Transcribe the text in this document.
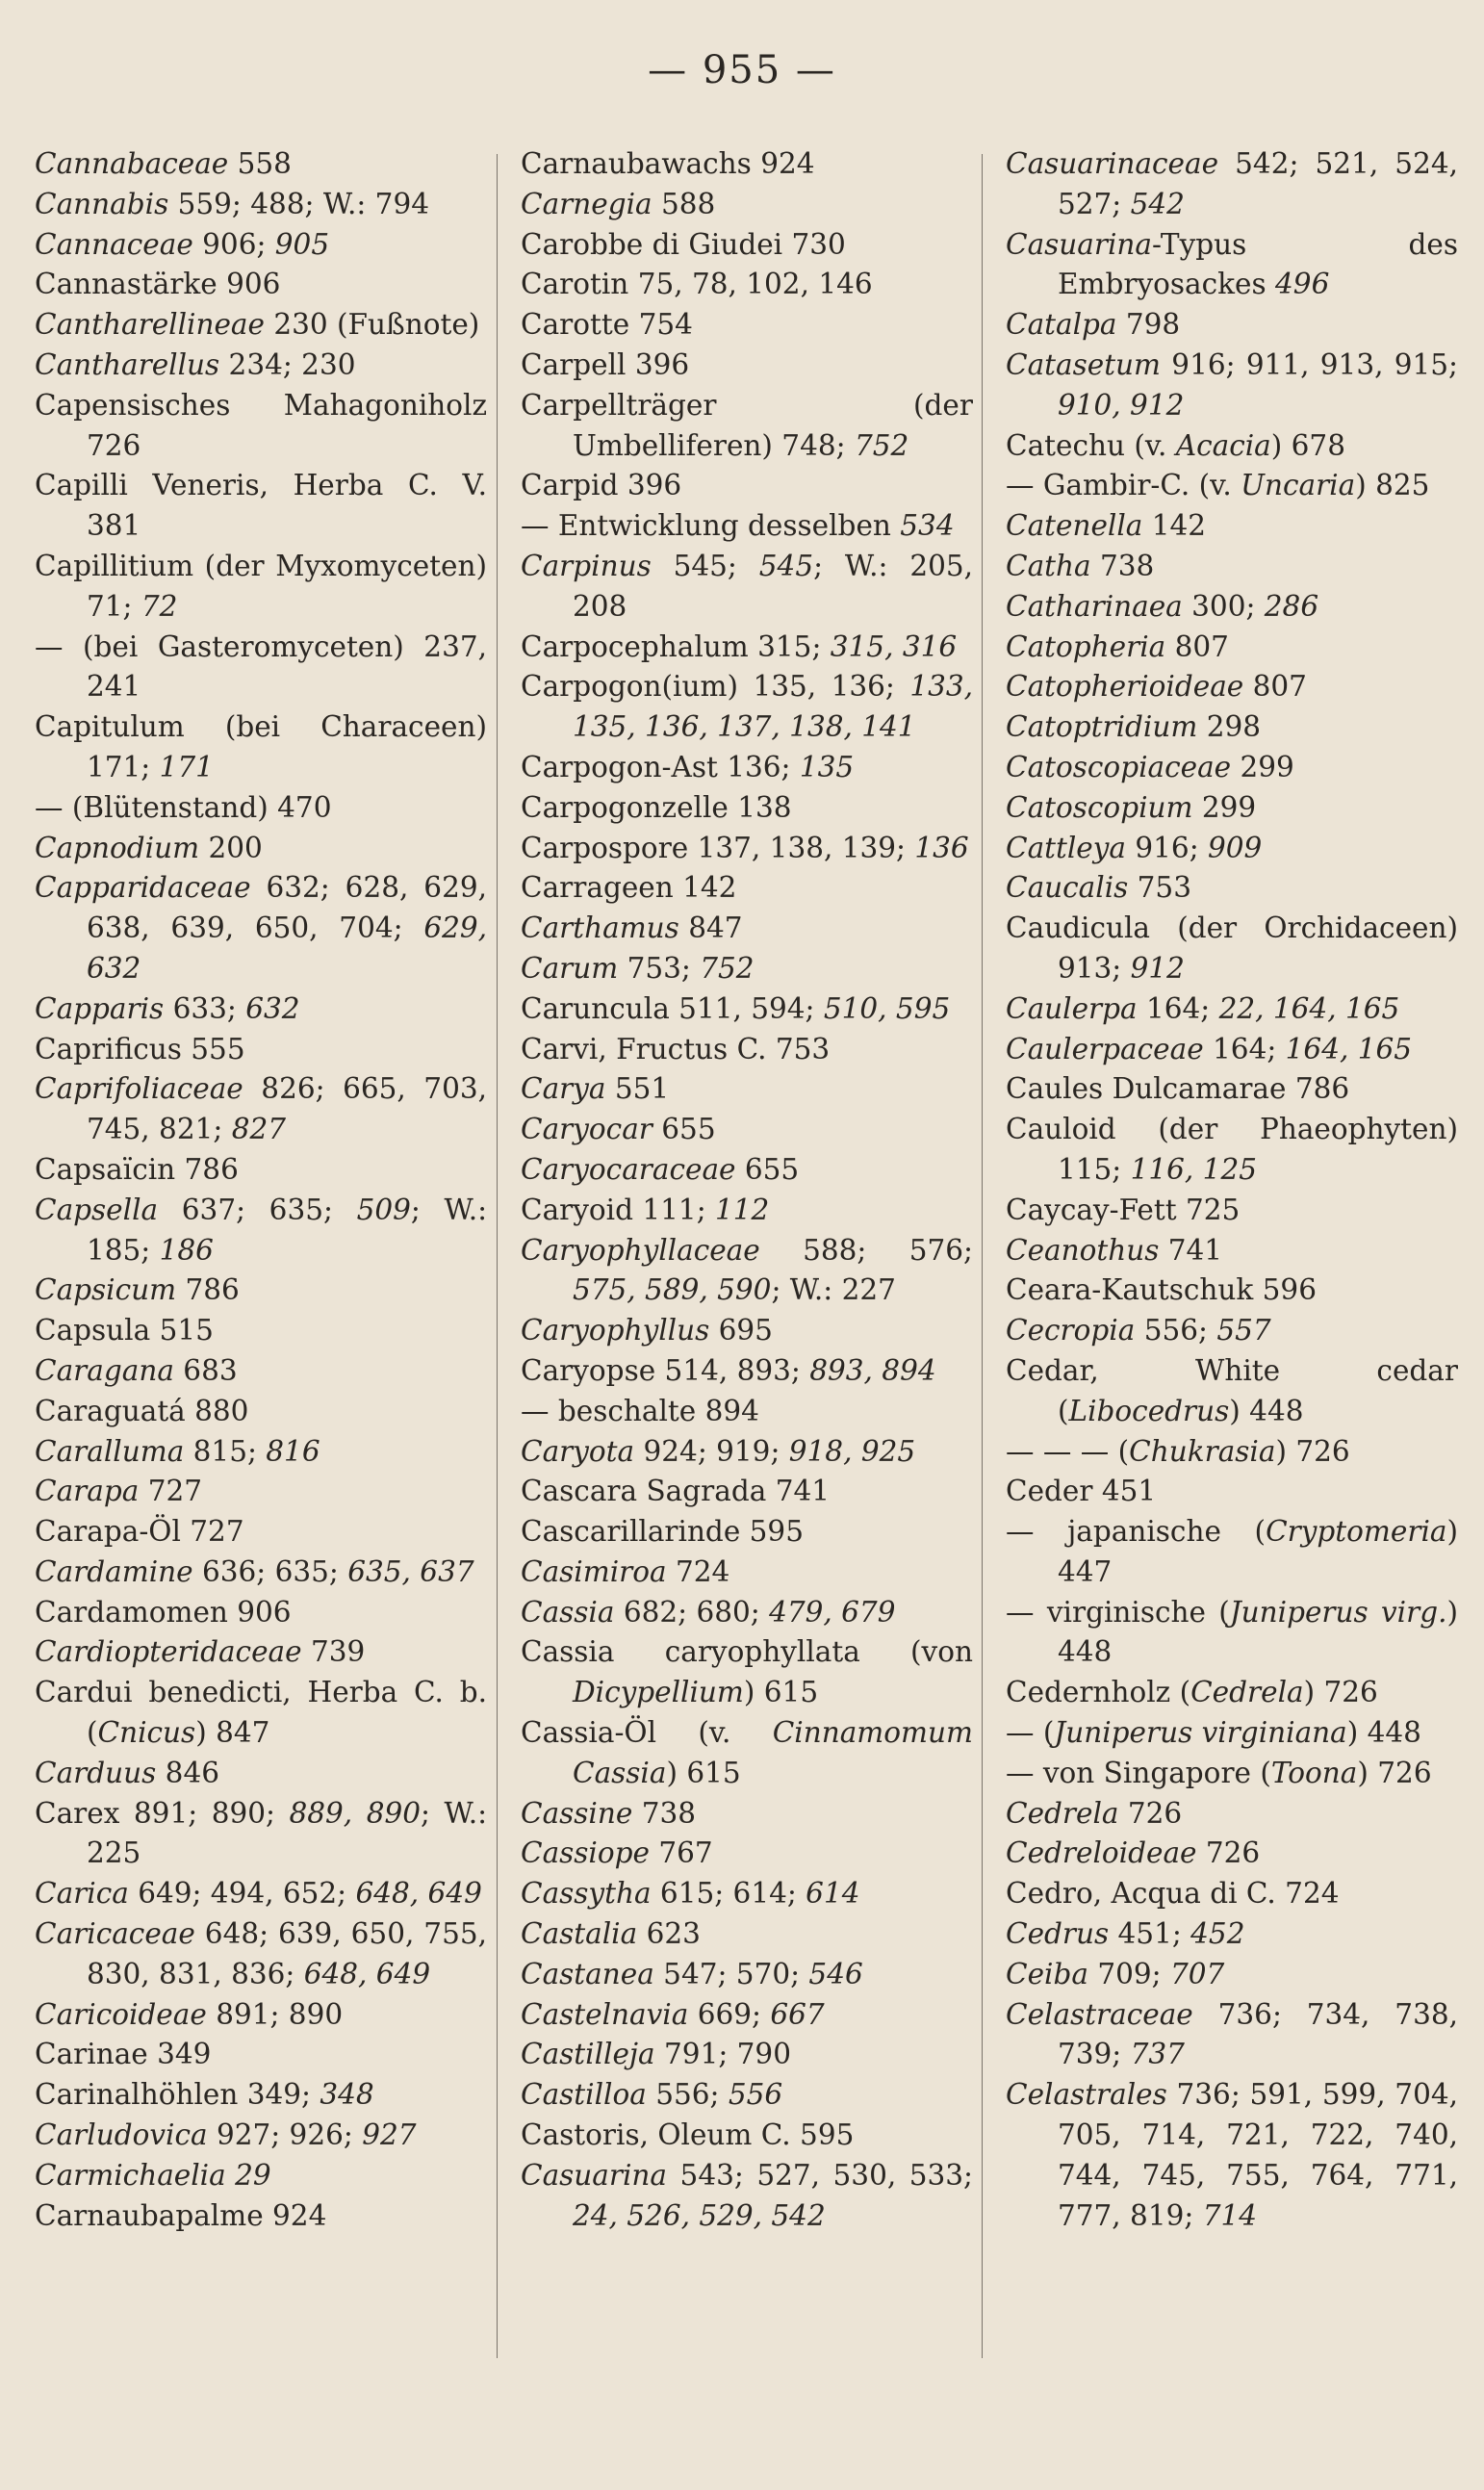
— 955 —
Cannabaceae 558
Cannabis 559; 488; W.: 794
Cannaceae 906; 905
Cannastärke 906
Cantharellineae 230 (Fußnote)
Cantharellus 234; 230
Capensisches Mahagoniholz 726
Capilli Veneris, Herba C. V. 381
Capillitium (der Myxomyceten) 71; 72
— (bei Gasteromyceten) 237, 241
Capitulum (bei Characeen) 171; 171
— (Blütenstand) 470
Capnodium 200
Capparidaceae 632; 628, 629, 638, 639, 650, 704; 629, 632
Capparis 633; 632
Caprificus 555
Caprifoliaceae 826; 665, 703, 745, 821; 827
Capsaïcin 786
Capsella 637; 635; 509; W.: 185; 186
Capsicum 786
Capsula 515
Caragana 683
Caraguatá 880
Caralluma 815; 816
Carapa 727
Carapa-Öl 727
Cardamine 636; 635; 635, 637
Cardamomen 906
Cardiopteridaceae 739
Cardui benedicti, Herba C. b. (Cnicus) 847
Carduus 846
Carex 891; 890; 889, 890; W.: 225
Carica 649; 494, 652; 648, 649
Caricaceae 648; 639, 650, 755, 830, 831, 836; 648, 649
Caricoideae 891; 890
Carinae 349
Carinalhöhlen 349; 348
Carludovica 927; 926; 927
Carmichaelia 29
Carnaubapalme 924
Carnaubawachs 924
Carnegia 588
Carobbe di Giudei 730
Carotin 75, 78, 102, 146
Carotte 754
Carpell 396
Carpellträger (der Umbelliferen) 748; 752
Carpid 396
— Entwicklung desselben 534
Carpinus 545; 545; W.: 205, 208
Carpocephalum 315; 315, 316
Carpogon(ium) 135, 136; 133, 135, 136, 137, 138, 141
Carpogon-Ast 136; 135
Carpogonzelle 138
Carpospore 137, 138, 139; 136
Carrageen 142
Carthamus 847
Carum 753; 752
Caruncula 511, 594; 510, 595
Carvi, Fructus C. 753
Carya 551
Caryocar 655
Caryocaraceae 655
Caryoid 111; 112
Caryophyllaceae 588; 576; 575, 589, 590; W.: 227
Caryophyllus 695
Caryopse 514, 893; 893, 894
— beschalte 894
Caryota 924; 919; 918, 925
Cascara Sagrada 741
Cascarillarinde 595
Casimiroa 724
Cassia 682; 680; 479, 679
Cassia caryophyllata (von Dicypellium) 615
Cassia-Öl (v. Cinnamomum Cassia) 615
Cassine 738
Cassiope 767
Cassytha 615; 614; 614
Castalia 623
Castanea 547; 570; 546
Castelnavia 669; 667
Castilleja 791; 790
Castilloa 556; 556
Castoris, Oleum C. 595
Casuarina 543; 527, 530, 533; 24, 526, 529, 542
Casuarinaceae 542; 521, 524, 527; 542
Casuarina-Typus des Embryosackes 496
Catalpa 798
Catasetum 916; 911, 913, 915; 910, 912
Catechu (v. Acacia) 678
— Gambir-C. (v. Uncaria) 825
Catenella 142
Catha 738
Catharinaea 300; 286
Catopheria 807
Catopherioideae 807
Catoptridium 298
Catoscopiaceae 299
Catoscopium 299
Cattleya 916; 909
Caucalis 753
Caudicula (der Orchidaceen) 913; 912
Caulerpa 164; 22, 164, 165
Caulerpaceae 164; 164, 165
Caules Dulcamarae 786
Cauloid (der Phaeophyten) 115; 116, 125
Caycay-Fett 725
Ceanothus 741
Ceara-Kautschuk 596
Cecropia 556; 557
Cedar, White cedar (Libocedrus) 448
— — — (Chukrasia) 726
Ceder 451
— japanische (Cryptomeria) 447
— virginische (Juniperus virg.) 448
Cedernholz (Cedrela) 726
— (Juniperus virginiana) 448
— von Singapore (Toona) 726
Cedrela 726
Cedreloideae 726
Cedro, Acqua di C. 724
Cedrus 451; 452
Ceiba 709; 707
Celastraceae 736; 734, 738, 739; 737
Celastrales 736; 591, 599, 704, 705, 714, 721, 722, 740, 744, 745, 755, 764, 771, 777, 819; 714
